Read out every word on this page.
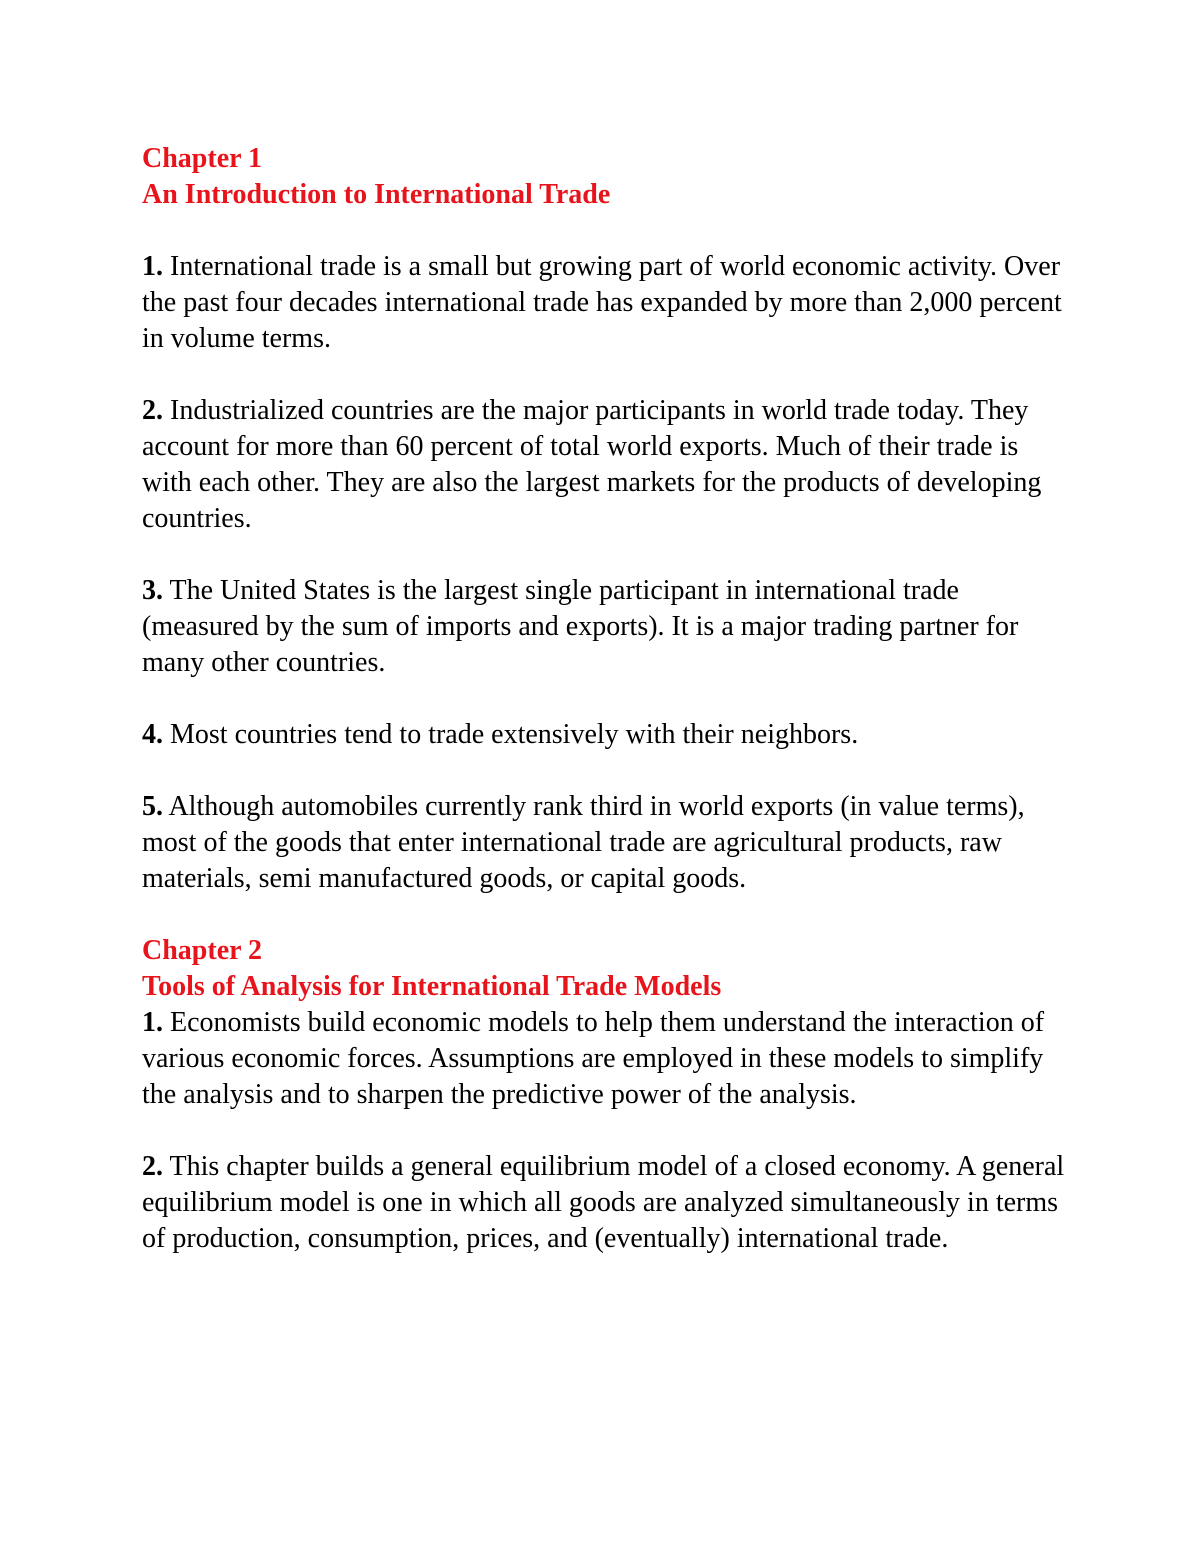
Chapter 1
An Introduction to International Trade

1. International trade is a small but growing part of world economic activity. Over the past four decades international trade has expanded by more than 2,000 percent in volume terms.

2. Industrialized countries are the major participants in world trade today. They account for more than 60 percent of total world exports. Much of their trade is with each other. They are also the largest markets for the products of developing countries.

3. The United States is the largest single participant in international trade (measured by the sum of imports and exports). It is a major trading partner for many other countries.

4. Most countries tend to trade extensively with their neighbors.

5. Although automobiles currently rank third in world exports (in value terms), most of the goods that enter international trade are agricultural products, raw materials, semi manufactured goods, or capital goods.

Chapter 2
Tools of Analysis for International Trade Models

1. Economists build economic models to help them understand the interaction of various economic forces. Assumptions are employed in these models to simplify the analysis and to sharpen the predictive power of the analysis.

2. This chapter builds a general equilibrium model of a closed economy. A general equilibrium model is one in which all goods are analyzed simultaneously in terms of production, consumption, prices, and (eventually) international trade.
